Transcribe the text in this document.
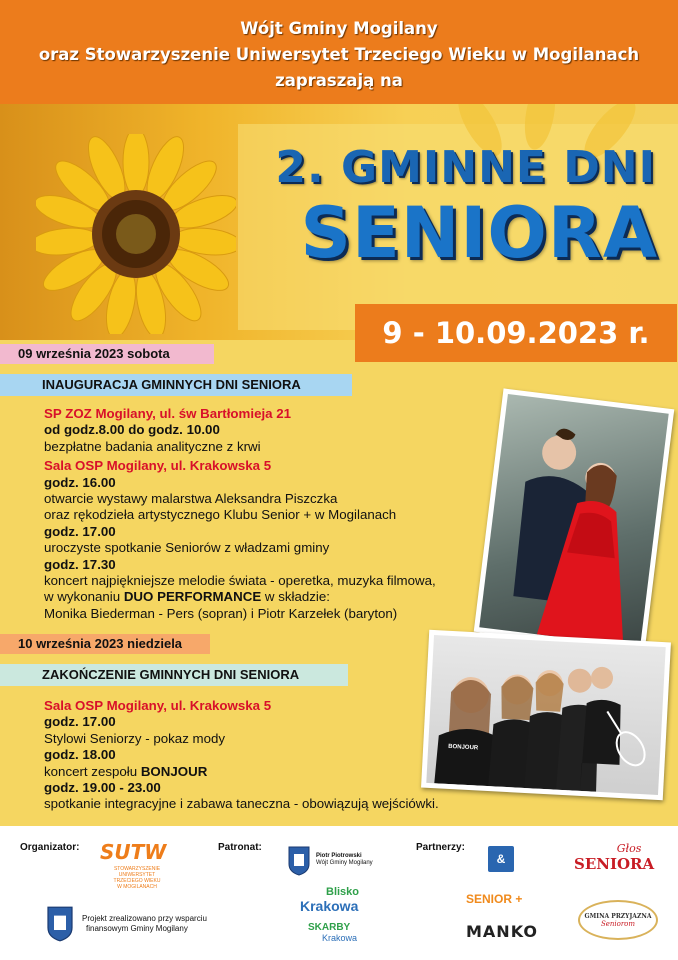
Wójt Gminy Mogilany
oraz Stowarzyszenie Uniwersytet Trzeciego Wieku w Mogilanach
zapraszają na
2. GMINNE DNI
SENIORA
9 - 10.09.2023 r.
09 września 2023 sobota
INAUGURACJA GMINNYCH DNI SENIORA
SP ZOZ Mogilany, ul. św Bartłomieja 21
od godz.8.00 do godz. 10.00
bezpłatne badania analityczne z krwi
Sala OSP Mogilany, ul. Krakowska 5
godz. 16.00
otwarcie wystawy malarstwa Aleksandra Piszczka
oraz rękodzieła artystycznego Klubu Senior + w Mogilanach
godz. 17.00
uroczyste spotkanie Seniorów z władzami gminy
godz. 17.30
koncert najpiękniejsze melodie świata - operetka, muzyka filmowa,
w wykonaniu DUO PERFORMANCE w składzie:
Monika Biederman - Pers (sopran) i Piotr Karzełek (baryton)
10 września 2023 niedziela
ZAKOŃCZENIE GMINNYCH DNI SENIORA
Sala OSP Mogilany, ul. Krakowska 5
godz. 17.00
Stylowi Seniorzy - pokaz mody
godz. 18.00
koncert zespołu BONJOUR
godz. 19.00 - 23.00
spotkanie integracyjne i zabawa taneczna - obowiązują wejściówki.
BONJOUR
Organizator:	Patronat:	Partnerzy:
SUTW
STOWARZYSZENIE UNIWERSYTET TRZECIEGO WIEKU W MOGILANACH
Piotr Piotrowski
Wójt Gminy Mogilany
Blisko
Krakowa
SKARBY
Krakowa
&
Głos
SENIORA
SENIOR +
MANKO
GMINA PRZYJAZNA
Seniorom
Projekt zrealizowano przy wsparciu
finansowym Gminy Mogilany
